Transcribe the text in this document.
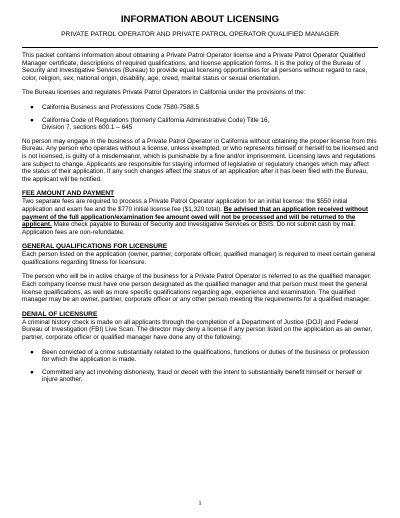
INFORMATION ABOUT LICENSING

PRIVATE PATROL OPERATOR AND PRIVATE PATROL OPERATOR QUALIFIED MANAGER

This packet contains information about obtaining a Private Patrol Operator license and a Private Patrol Operator Qualified Manager certificate, descriptions of required qualifications, and license application forms. It is the policy of the Bureau of Security and Investigative Services (Bureau) to provide equal licensing opportunities for all persons without regard to race, color, religion, sex, national origin, disability, age, creed, marital status or sexual orientation.

The Bureau licenses and regulates Private Patrol Operators in California under the provisions of the:

● California Business and Professions Code 7580-7588.5
● California Code of Regulations (formerly California Administrative Code) Title 16, Division 7, sections 600.1 – 645

No person may engage in the business of a Private Patrol Operator in California without obtaining the proper license from this Bureau. Any person who operates without a license, unless exempted, or who represents himself or herself to be licensed and is not licensed, is guilty of a misdemeanor, which is punishable by a fine and/or imprisonment. Licensing laws and regulations are subject to change. Applicants are responsible for staying informed of legislative or regulatory changes which may affect the status of their application. If any such changes affect the status of an application after it has been filed with the Bureau, the applicant will be notified.

FEE AMOUNT AND PAYMENT

Two separate fees are required to process a Private Patrol Operator application for an initial license: the $550 initial application and exam fee and the $770 initial license fee ($1,320 total). Be advised that an application received without payment of the full application/examination fee amount owed will not be processed and will be returned to the applicant. Make check payable to Bureau of Security and Investigative Services or BSIS. Do not submit cash by mail. Application fees are non-refundable.

GENERAL QUALIFICATIONS FOR LICENSURE

Each person listed on the application (owner, partner, corporate officer, qualified manager) is required to meet certain general qualifications regarding fitness for licensure.

The person who will be in active charge of the business for a Private Patrol Operator is referred to as the qualified manager. Each company license must have one person designated as the qualified manager and that person must meet the general license qualifications, as well as more specific qualifications regarding age, experience and examination. The qualified manager may be an owner, partner, corporate officer or any other person meeting the requirements for a qualified manager.

DENIAL OF LICENSURE

A criminal history check is made on all applicants through the completion of a Department of Justice (DOJ) and Federal Bureau of Investigation (FBI) Live Scan. The director may deny a license if any person listed on the application as an owner, partner, corporate officer or qualified manager have done any of the following:

● Been convicted of a crime substantially related to the qualifications, functions or duties of the business or profession for which the application is made.
● Committed any act involving dishonesty, fraud or deceit with the intent to substantially benefit himself or herself or injure another.
1
